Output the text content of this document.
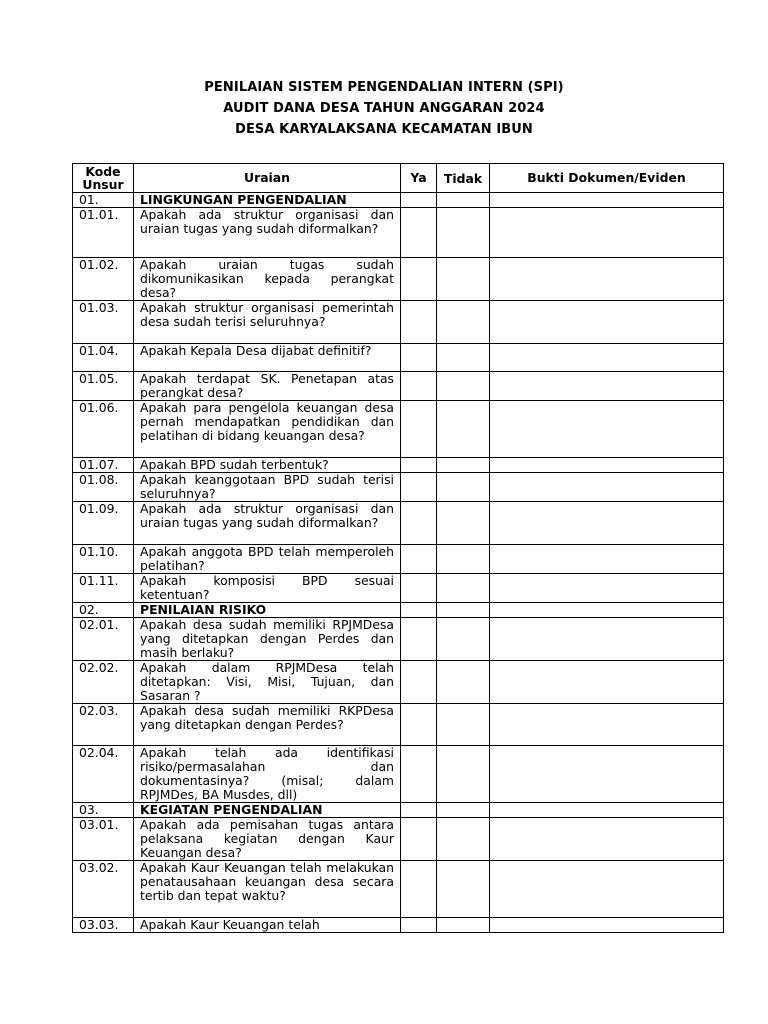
PENILAIAN SISTEM PENGENDALIAN INTERN (SPI)
AUDIT DANA DESA TAHUN ANGGARAN 2024
DESA KARYALAKSANA KECAMATAN IBUN
Kode Unsur	Uraian	Ya	Tidak	Bukti Dokumen/Eviden
01.	LINGKUNGAN PENGENDALIAN			
01.01.	Apakah ada struktur organisasi dan uraian tugas yang sudah diformalkan?			
01.02.	Apakah uraian tugas sudah dikomunikasikan kepada perangkat desa?			
01.03.	Apakah struktur organisasi pemerintah desa sudah terisi seluruhnya?			
01.04.	Apakah Kepala Desa dijabat definitif?			
01.05.	Apakah terdapat SK. Penetapan atas perangkat desa?			
01.06.	Apakah para pengelola keuangan desa pernah mendapatkan pendidikan dan pelatihan di bidang keuangan desa?			
01.07.	Apakah BPD sudah terbentuk?			
01.08.	Apakah keanggotaan BPD sudah terisi seluruhnya?			
01.09.	Apakah ada struktur organisasi dan uraian tugas yang sudah diformalkan?			
01.10.	Apakah anggota BPD telah memperoleh pelatihan?			
01.11.	Apakah komposisi BPD sesuai ketentuan?			
02.	PENILAIAN RISIKO			
02.01.	Apakah desa sudah memiliki RPJMDesa yang ditetapkan dengan Perdes dan masih berlaku?			
02.02.	Apakah dalam RPJMDesa telah ditetapkan: Visi, Misi, Tujuan, dan Sasaran ?			
02.03.	Apakah desa sudah memiliki RKPDesa yang ditetapkan dengan Perdes?			
02.04.	Apakah telah ada identifikasi risiko/permasalahan dan dokumentasinya? (misal; dalam RPJMDes, BA Musdes, dll)			
03.	KEGIATAN PENGENDALIAN			
03.01.	Apakah ada pemisahan tugas antara pelaksana kegiatan dengan Kaur Keuangan desa?			
03.02.	Apakah Kaur Keuangan telah melakukan penatausahaan keuangan desa secara tertib dan tepat waktu?			
03.03.	Apakah Kaur Keuangan telah			
